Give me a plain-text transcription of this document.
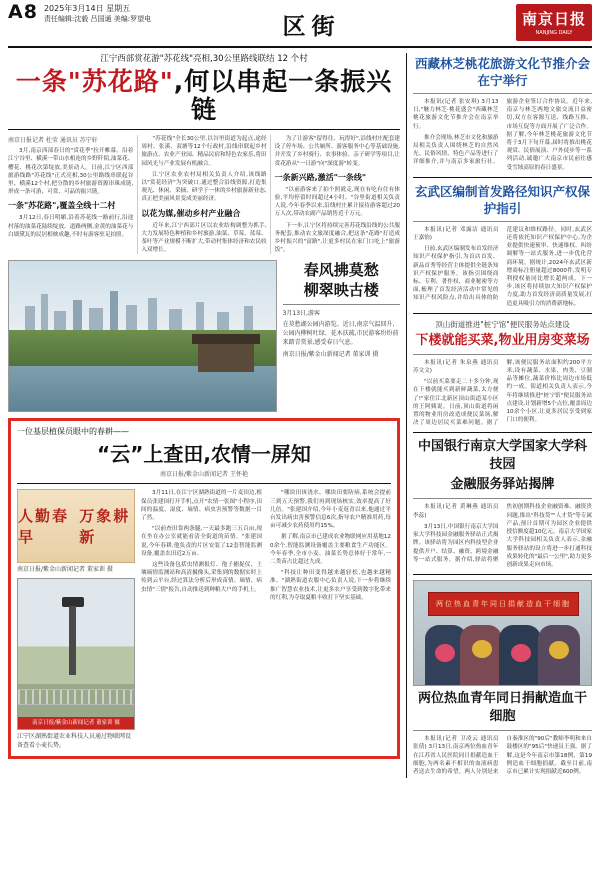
A8 2025年3月14日 星期五
责任编辑:沈毅 吕国通 美编:罗望电	区街	南京日报
NANJING DAILY
江宁西部赏花游"苏花线"亮相,30公里路线联结 12 个村
一条"苏花路",何以串起一条振兴链
南京日报记者 杜莹 通讯员 苏宁轩

3月,南京西部春日的"赏花季"拉开帷幕。沿着江宁谷里、横溪一带山水相连的乡野阡陌,油菜花、樱花、桃花次第绽放,美景动人。日前,江宁区西部旅游线路"苏花线"正式亮相,30公里路线串联起谷里、横溪12个村,把分散的乡村旅游资源串珠成链,形成一条可游、可赏、可品的振兴链。

一条"苏花路",覆盖全线十二村

3月12日,春日明媚,沿着苏花线一路前行,沿途村落的油菜花陆续绽放。道路两侧,金黄的油菜花与白墙黛瓦的民居相映成趣,不时有游客驻足拍照。

"苏花线"全长30公里,以谷里街道为起点,途经周村、张溪、双塘等12个行政村,沿线串联起乡村旅游点、农业产业园、精品民宿和特色农家乐,将田园风光与产业发展有机融合。

江宁区农业农村局相关负责人介绍,该线路以"赏花经济"为突破口,通过整合沿线资源,打造集观光、休闲、采摘、研学于一体的乡村旅游新业态,真正把美丽风景变成美丽经济。

以花为媒,催动乡村产业融合

近年来,江宁西部片区以农业结构调整为抓手,大力发展特色种植和乡村旅游,油菜、草莓、蓝莓、茶叶等产业规模不断扩大,带动村集体经济和农民收入双增长。

为了让游客"留得住、玩得好",沿线村庄配套建设了停车场、公共厕所、游客服务中心等基础设施,并开发了乡村骑行、农事体验、亲子研学等项目,让赏花游从"一日游"向"深度游"转变。

一条新兴路,激活"一条线"

"以前游客来了拍个照就走,现在有吃有住有体验,平均停留时间超过4小时。"谷里街道相关负责人说,今年春季以来,沿线村庄累计接待游客超过20万人次,带动农副产品销售近千万元。

下一步,江宁区将持续完善苏花线沿线的公共服务配套,推动农文旅深度融合,把这条"花路"打造成乡村振兴的"富路",让更多村民在家门口吃上"旅游饭"。

春风拂莫愁
柳翠映古楼
3月13日,游客
在莫愁湖公园内游览。近日,南京气温回升,公园内柳树吐绿、花木扶疏,市民游客纷纷前来踏青赏景,感受春日气息。
南京日报/紫金山新闻记者 董家训 摄
一位基层植保员眼中的春耕——
“云”上查田,农情一屏知
南京日报/紫金山新闻记者 王怀艳
人勤春早
万象耕新
南京日报/紫金山新闻记者 董家训 摄
南京日报/紫金山新闻记者 董家训 摄
江宁区湖熟街道农业科技人员通过物联网设备查看小麦长势。

3月11日,在江宁区湖熟街道的一片麦田边,植保员张建国打开手机,点开"农情一张图"小程序,田间的温度、湿度、墒情、病虫害预警等数据一目了然。

"以前查田靠两条腿,一天最多跑三五百亩,现在坐在办公室就能看清全街道的苗情。"张建国说,今年春耕,他负责的片区安装了12套智能监测设备,覆盖农田近2万亩。

这些设备包括虫情测报灯、孢子捕捉仪、土壤墒情监测站和高清摄像头,采集到的数据实时上传到云平台,经过算法分析后形成苗情、墒情、病虫情"三情"报告,自动推送到种粮大户的手机上。

"哪块田该浇水、哪块田要防病,系统会提前三到五天预警,我们再到现场核实,效率提高了好几倍。"张建国介绍,今年小麦返青以来,他通过平台发出病虫害预警信息6次,指导农户精准用药,每亩可减少农药使用约15%。

据了解,南京市已建成农业物联网应用基地120余个,智能监测设备覆盖主要粮食生产功能区。今年春季,全市小麦、油菜长势总体好于常年,一二类苗占比超过九成。

"科技让种田变得越来越轻松,也越来越精准。"湖熟街道农服中心负责人说,下一步将继续推广智慧农业技术,让更多农户享受到数字化带来的红利,为夺取夏粮丰收打下坚实基础。

西藏林芝桃花旅游文化节推介会在宁举行

本报讯(记者 张安琪) 3月13日,"魅力林芝·桃花盛会"西藏林芝桃花旅游文化节推介会在南京举行。

推介会现场,林芝市文化和旅游局相关负责人围绕林芝的自然风光、民俗风情、特色产品等进行了详细推介,并与南京多家旅行社、旅游企业签订合作协议。近年来,南京与林芝两地文旅交流日益密切,双方在客源互送、线路互推、市场互促等方面开展了广泛合作。据了解,今年林芝桃花旅游文化节将于3月下旬开幕,届时将推出桃花观赏、民俗展演、户外徒步等一系列活动,诚邀广大南京市民前往感受雪域高原的春日盛景。

玄武区编制首发路径知识产权保护指引

本报讯(记者 邓露洁 通讯员 王嘉怡)

日前,玄武区编制发布首发经济知识产权保护指引,为首店首发、新品首秀等经营主体提供全链条知识产权保护服务。该指引围绕商标、专利、著作权、商业秘密等方面,梳理了首发经济活动中常见的知识产权风险点,并给出具体的防范建议和维权路径。同时,玄武区还将依托知识产权保护中心,为企业提供快速预审、快速维权、纠纷调解等一站式服务,进一步优化营商环境。据统计,2024年玄武区新增商标注册量超过8000件,发明专利授权量同比增长超两成。下一步,该区将持续加大知识产权保护力度,助力首发经济高质量发展,打造更具吸引力的消费新地标。

顶山街道推进"桩宁馆"便民服务站点建设
下楼就能买菜,物业用房变菜场

本报讯(记者 朱泉燕 通讯员 苏文文)

"以前买菜要走二十多分钟,现在下楼就能买到新鲜蔬菜,太方便了!"家住江北新区顶山街道某小区的王阿姨说。日前,顶山街道将闲置的物业用房改造成便民菜场,解决了周边居民买菜难问题。据了解,该便民服务站面积约200平方米,设有蔬菜、水果、肉类、豆制品等摊位,蔬菜价格比周边市场低约一成。街道相关负责人表示,今年将继续推进"桩宁馆"便民服务站点建设,计划新增5个点位,覆盖周边10余个小区,让更多居民享受到家门口的便利。

中国银行南京大学国家大学科技园
金融服务驿站揭牌

本报讯(记者 黄琳燕 通讯员 李蕊)

3月13日,中国银行南京大学国家大学科技园金融服务驿站正式揭牌。该驿站将为园区内科技型企业提供开户、结算、融资、跨境金融等一站式服务。据介绍,驿站将聚焦初创期科技企业融资难、融资贵问题,推出"科技贷""人才贷"等专属产品,预计首期可为园区企业提供授信额度超10亿元。南京大学国家大学科技园相关负责人表示,金融服务驿站的设立将进一步打通科技成果转化的"最后一公里",助力更多创新成果走向市场。

两位热血青年同日捐献造血干细胞
两位热血青年同日捐献造血干细胞

本报讯(记者 卫凌云 通讯员 张倩) 3月13日,南京两位热血青年在江苏省人民医院同日捐献造血干细胞,为两名素不相识的血液病患者送去生命的希望。两人分别是来自秦淮区的"90后"教师李明和来自鼓楼区的"95后"快递员王强。据了解,这是今年南京市第18例、第19例造血干细胞捐献。截至目前,南京市已累计实现捐献近600例。
